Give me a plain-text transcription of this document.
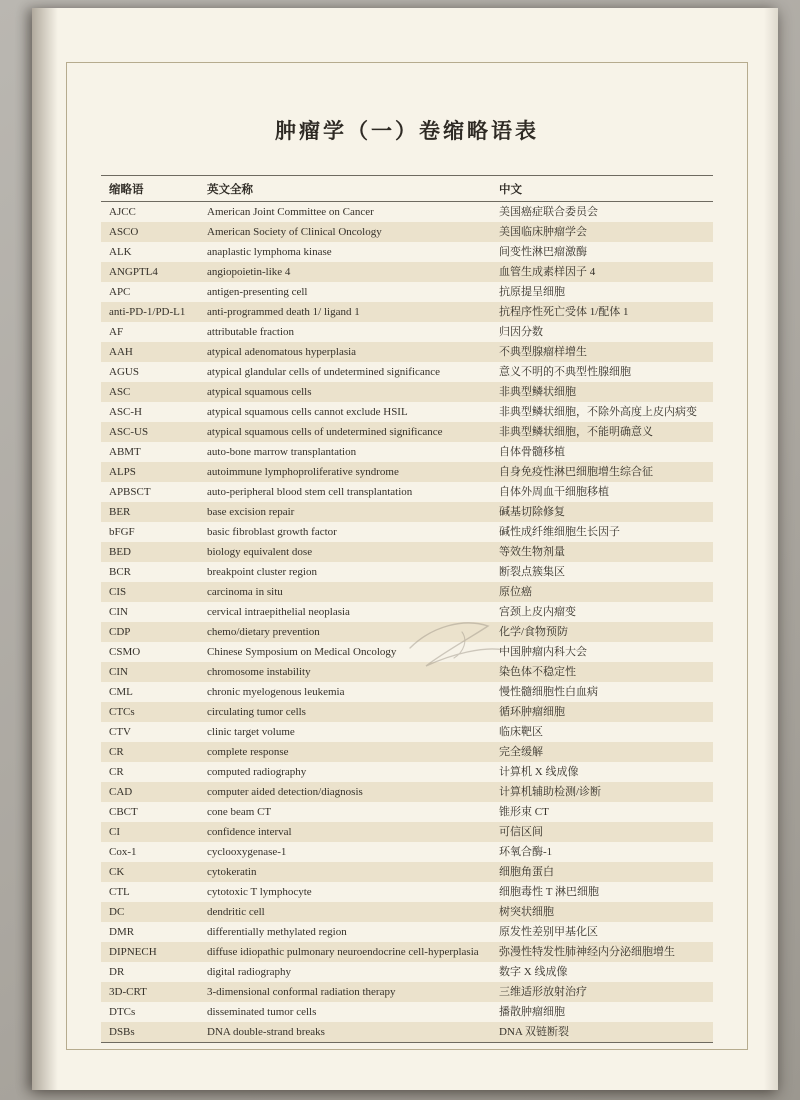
肿瘤学（一）卷缩略语表
缩略语	英文全称	中文
AJCC	American Joint Committee on Cancer	美国癌症联合委员会
ASCO	American Society of Clinical Oncology	美国临床肿瘤学会
ALK	anaplastic lymphoma kinase	间变性淋巴瘤激酶
ANGPTL4	angiopoietin-like 4	血管生成素样因子 4
APC	antigen-presenting cell	抗原提呈细胞
anti-PD-1/PD-L1	anti-programmed death 1/ ligand 1	抗程序性死亡受体 1/配体 1
AF	attributable fraction	归因分数
AAH	atypical adenomatous hyperplasia	不典型腺瘤样增生
AGUS	atypical glandular cells of undetermined significance	意义不明的不典型性腺细胞
ASC	atypical squamous cells	非典型鳞状细胞
ASC-H	atypical squamous cells cannot exclude HSIL	非典型鳞状细胞，不除外高度上皮内病变
ASC-US	atypical squamous cells of undetermined significance	非典型鳞状细胞，不能明确意义
ABMT	auto-bone marrow transplantation	自体骨髓移植
ALPS	autoimmune lymphoproliferative syndrome	自身免疫性淋巴细胞增生综合征
APBSCT	auto-peripheral blood stem cell transplantation	自体外周血干细胞移植
BER	base excision repair	碱基切除修复
bFGF	basic fibroblast growth factor	碱性成纤维细胞生长因子
BED	biology equivalent dose	等效生物剂量
BCR	breakpoint cluster region	断裂点簇集区
CIS	carcinoma in situ	原位癌
CIN	cervical intraepithelial neoplasia	宫颈上皮内瘤变
CDP	chemo/dietary prevention	化学/食物预防
CSMO	Chinese Symposium on Medical Oncology	中国肿瘤内科大会
CIN	chromosome instability	染色体不稳定性
CML	chronic myelogenous leukemia	慢性髓细胞性白血病
CTCs	circulating tumor cells	循环肿瘤细胞
CTV	clinic target volume	临床靶区
CR	complete response	完全缓解
CR	computed radiography	计算机 X 线成像
CAD	computer aided detection/diagnosis	计算机辅助检测/诊断
CBCT	cone beam CT	锥形束 CT
CI	confidence interval	可信区间
Cox-1	cyclooxygenase-1	环氧合酶-1
CK	cytokeratin	细胞角蛋白
CTL	cytotoxic T lymphocyte	细胞毒性 T 淋巴细胞
DC	dendritic cell	树突状细胞
DMR	differentially methylated region	原发性差别甲基化区
DIPNECH	diffuse idiopathic pulmonary neuroendocrine cell-hyperplasia	弥漫性特发性肺神经内分泌细胞增生
DR	digital radiography	数字 X 线成像
3D-CRT	3-dimensional conformal radiation therapy	三维适形放射治疗
DTCs	disseminated tumor cells	播散肿瘤细胞
DSBs	DNA double-strand breaks	DNA 双链断裂
